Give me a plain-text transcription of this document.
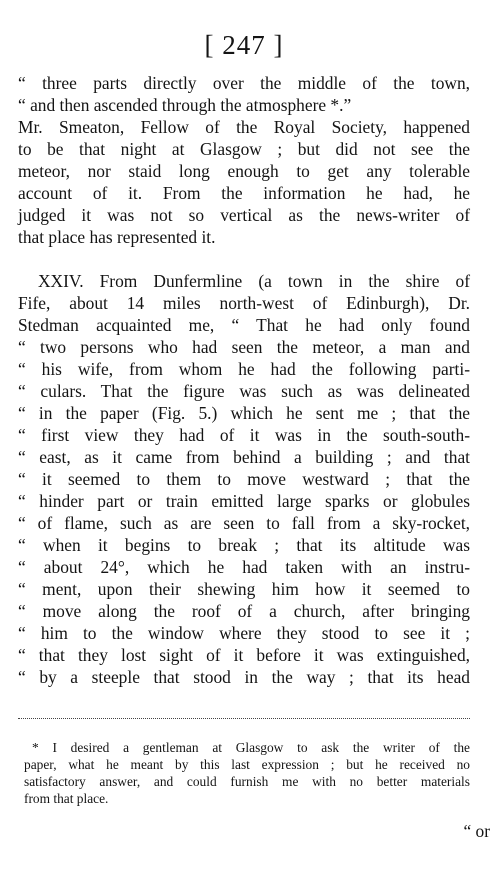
[ 247 ]
“ three parts directly over the middle of the town,
“ and then ascended through the atmosphere *.”
Mr. Smeaton, Fellow of the Royal Society, happened
to be that night at Glasgow ; but did not see the
meteor, nor staid long enough to get any tolerable
account of it. From the information he had, he
judged it was not so vertical as the news-writer of
that place has represented it.
XXIV. From Dunfermline (a town in the shire of
Fife, about 14 miles north-west of Edinburgh), Dr.
Stedman acquainted me, “ That he had only found
“ two persons who had seen the meteor, a man and
“ his wife, from whom he had the following parti-
“ culars. That the figure was such as was delineated
“ in the paper (Fig. 5.) which he sent me ; that the
“ first view they had of it was in the south-south-
“ east, as it came from behind a building ; and that
“ it seemed to them to move westward ; that the
“ hinder part or train emitted large sparks or globules
“ of flame, such as are seen to fall from a sky-rocket,
“ when it begins to break ; that its altitude was
“ about 24°, which he had taken with an instru-
“ ment, upon their shewing him how it seemed to
“ move along the roof of a church, after bringing
“ him to the window where they stood to see it ;
“ that they lost sight of it before it was extinguished,
“ by a steeple that stood in the way ; that its head
* I desired a gentleman at Glasgow to ask the writer of the
paper, what he meant by this last expression ; but he received no
satisfactory answer, and could furnish me with no better materials
from that place.
“ or
